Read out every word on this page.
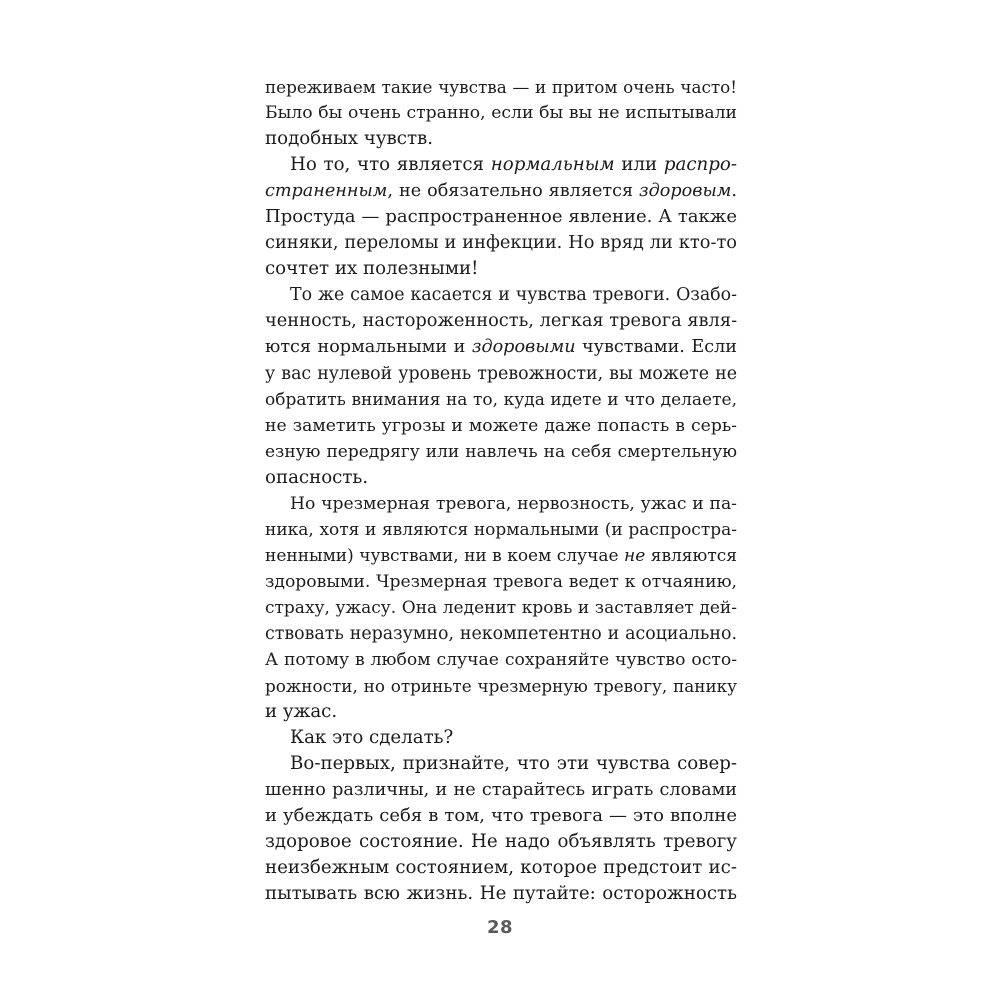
переживаем такие чувства — и притом очень часто!
Было бы очень странно, если бы вы не испытывали
подобных чувств.
Но то, что является нормальным или распро-
страненным, не обязательно является здоровым.
Простуда — распространенное явление. А также
синяки, переломы и инфекции. Но вряд ли кто-то
сочтет их полезными!
То же самое касается и чувства тревоги. Озабо-
ченность, настороженность, легкая тревога явля-
ются нормальными и здоровыми чувствами. Если
у вас нулевой уровень тревожности, вы можете не
обратить внимания на то, куда идете и что делаете,
не заметить угрозы и можете даже попасть в серь-
езную передрягу или навлечь на себя смертельную
опасность.
Но чрезмерная тревога, нервозность, ужас и па-
ника, хотя и являются нормальными (и распростра-
ненными) чувствами, ни в коем случае не являются
здоровыми. Чрезмерная тревога ведет к отчаянию,
страху, ужасу. Она леденит кровь и заставляет дей-
ствовать неразумно, некомпетентно и асоциально.
А потому в любом случае сохраняйте чувство осто-
рожности, но отриньте чрезмерную тревогу, панику
и ужас.
Как это сделать?
Во-первых, признайте, что эти чувства совер-
шенно различны, и не старайтесь играть словами
и убеждать себя в том, что тревога — это вполне
здоровое состояние. Не надо объявлять тревогу
неизбежным состоянием, которое предстоит ис-
пытывать всю жизнь. Не путайте: осторожность
28
